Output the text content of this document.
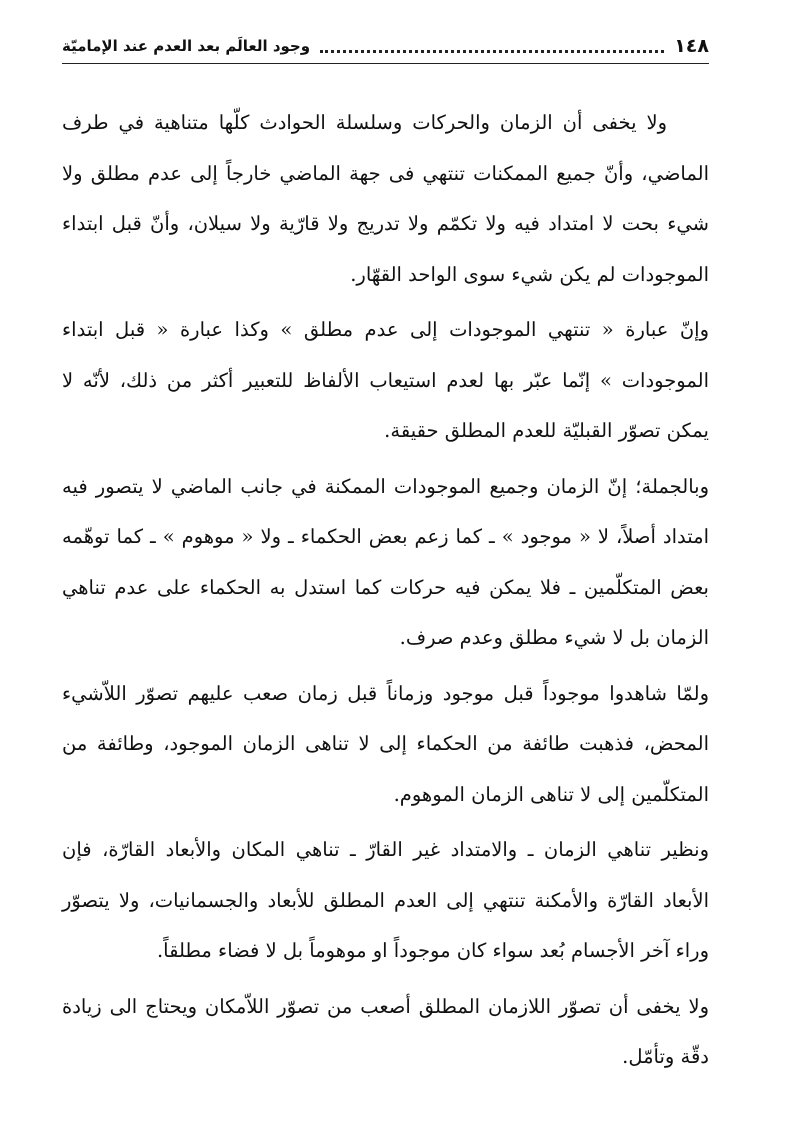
١٤٨
وجود العالَم بعد العدم عند الإماميّة

ولا يخفى أن الزمان والحركات وسلسلة الحوادث كلّها متناهية في طرف الماضي، وأنّ جميع الممكنات تنتهي فى جهة الماضي خارجاً إلى عدم مطلق ولا شيء بحت لا امتداد فيه ولا تكمّم ولا تدريج ولا قارّية ولا سيلان، وأنّ قبل ابتداء الموجودات لم يكن شيء سوى الواحد القهّار.

وإنّ عبارة « تنتهي الموجودات إلى عدم مطلق » وكذا عبارة « قبل ابتداء الموجودات » إنّما عبّر بها لعدم استيعاب الألفاظ للتعبير أكثر من ذلك، لأنّه لا يمكن تصوّر القبليّة للعدم المطلق حقيقة.

وبالجملة؛ إنّ الزمان وجميع الموجودات الممكنة في جانب الماضي لا يتصور فيه امتداد أصلاً، لا « موجود » ـ كما زعم بعض الحكماء ـ ولا « موهوم » ـ كما توهّمه بعض المتكلّمين ـ فلا يمكن فيه حركات كما استدل به الحكماء على عدم تناهي الزمان بل لا شيء مطلق وعدم صرف.

ولمّا شاهدوا موجوداً قبل موجود وزماناً قبل زمان صعب عليهم تصوّر اللاّشيء المحض، فذهبت طائفة من الحكماء إلى لا تناهى الزمان الموجود، وطائفة من المتكلّمين إلى لا تناهى الزمان الموهوم.

ونظير تناهي الزمان ـ والامتداد غير القارّ ـ تناهي المكان والأبعاد القارّة، فإن الأبعاد القارّة والأمكنة تنتهي إلى العدم المطلق للأبعاد والجسمانيات، ولا يتصوّر وراء آخر الأجسام بُعد سواء كان موجوداً او موهوماً بل لا فضاء مطلقاً.

ولا يخفى أن تصوّر اللازمان المطلق أصعب من تصوّر اللاّمكان ويحتاج الى زيادة دقّة وتأمّل.
